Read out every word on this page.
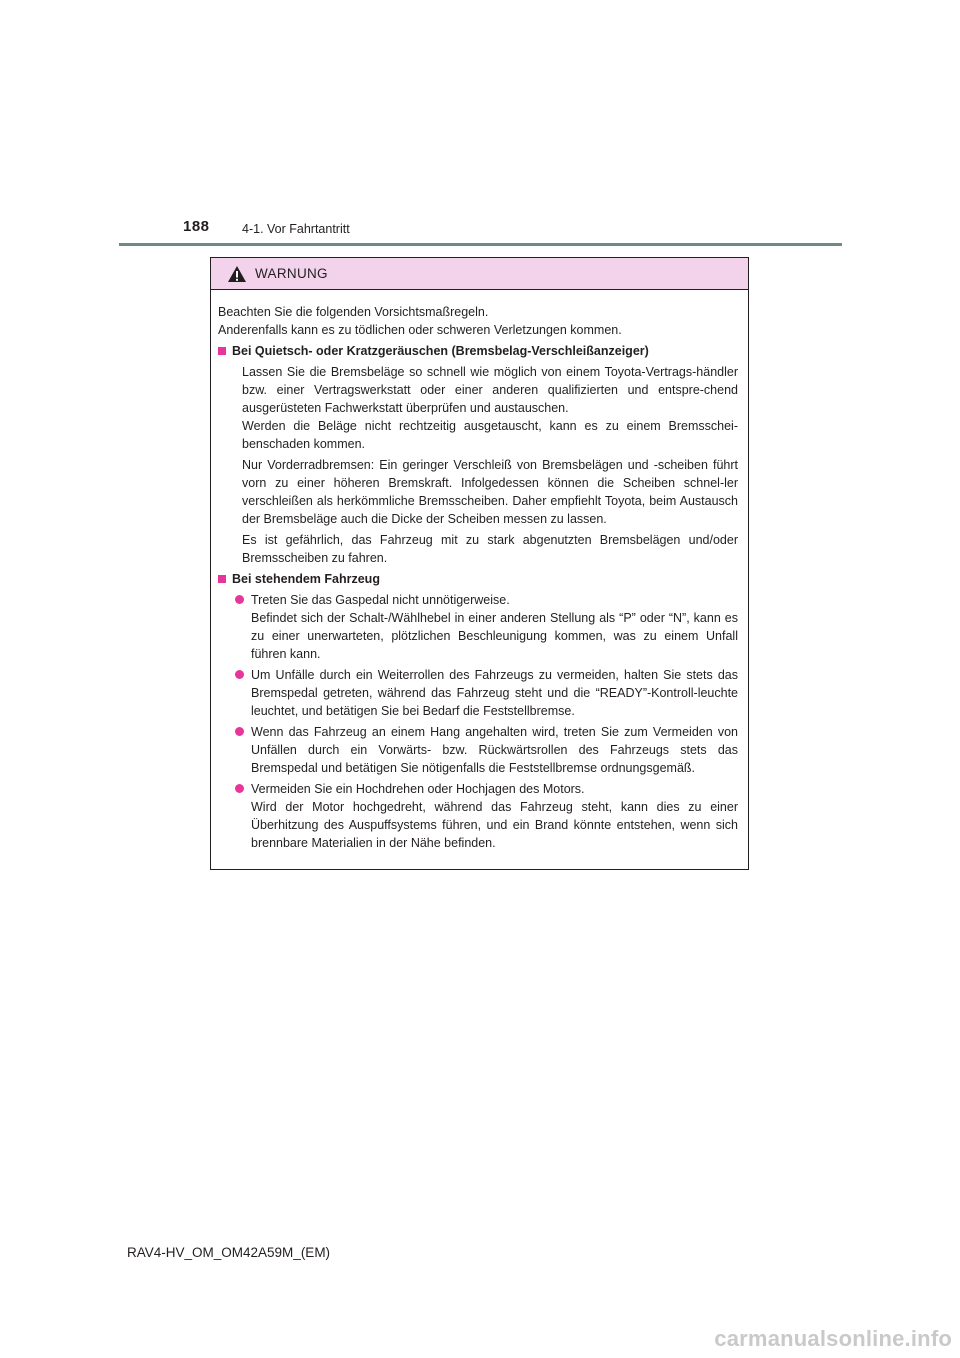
188	4-1. Vor Fahrtantritt
WARNUNG

Beachten Sie die folgenden Vorsichtsmaßregeln.

Anderenfalls kann es zu tödlichen oder schweren Verletzungen kommen.

Bei Quietsch- oder Kratzgeräuschen (Bremsbelag-Verschleißanzeiger)
Lassen Sie die Bremsbeläge so schnell wie möglich von einem Toyota-Vertrags-händler bzw. einer Vertragswerkstatt oder einer anderen qualifizierten und entspre-chend ausgerüsteten Fachwerkstatt überprüfen und austauschen.
Werden die Beläge nicht rechtzeitig ausgetauscht, kann es zu einem Bremsschei-benschaden kommen.
Nur Vorderradbremsen: Ein geringer Verschleiß von Bremsbelägen und -scheiben führt vorn zu einer höheren Bremskraft. Infolgedessen können die Scheiben schnel-ler verschleißen als herkömmliche Bremsscheiben. Daher empfiehlt Toyota, beim Austausch der Bremsbeläge auch die Dicke der Scheiben messen zu lassen.
Es ist gefährlich, das Fahrzeug mit zu stark abgenutzten Bremsbelägen und/oder Bremsscheiben zu fahren.
Bei stehendem Fahrzeug
Treten Sie das Gaspedal nicht unnötigerweise.
Befindet sich der Schalt-/Wählhebel in einer anderen Stellung als “P” oder “N”, kann es zu einer unerwarteten, plötzlichen Beschleunigung kommen, was zu einem Unfall führen kann.
Um Unfälle durch ein Weiterrollen des Fahrzeugs zu vermeiden, halten Sie stets das Bremspedal getreten, während das Fahrzeug steht und die “READY”-Kontroll-leuchte leuchtet, und betätigen Sie bei Bedarf die Feststellbremse.
Wenn das Fahrzeug an einem Hang angehalten wird, treten Sie zum Vermeiden von Unfällen durch ein Vorwärts- bzw. Rückwärtsrollen des Fahrzeugs stets das Bremspedal und betätigen Sie nötigenfalls die Feststellbremse ordnungsgemäß.
Vermeiden Sie ein Hochdrehen oder Hochjagen des Motors.
Wird der Motor hochgedreht, während das Fahrzeug steht, kann dies zu einer Überhitzung des Auspuffsystems führen, und ein Brand könnte entstehen, wenn sich brennbare Materialien in der Nähe befinden.
RAV4-HV_OM_OM42A59M_(EM)
carmanualsonline.info
